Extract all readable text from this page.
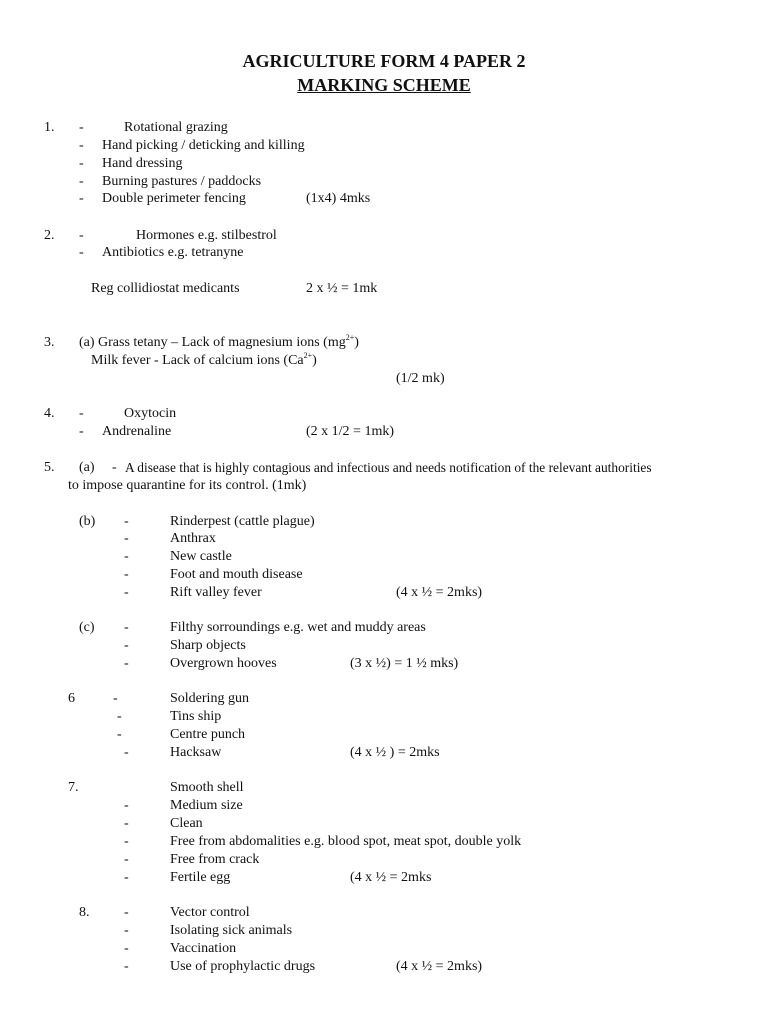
AGRICULTURE FORM 4 PAPER 2
MARKING SCHEME
1. -	Rotational grazing
- Hand picking / deticking and killing
- Hand dressing
- Burning pastures / paddocks
- Double perimeter fencing	(1x4) 4mks
2. -	Hormones e.g. stilbestrol
- Antibiotics e.g. tetranyne
Reg collidiostat medicants	2 x ½ = 1mk
3. (a) Grass tetany – Lack of magnesium ions $(mg^{2+})$
Milk fever - Lack of calcium ions $(Ca^{2+})$
(1/2 mk)
4. -	Oxytocin
- Andrenaline	(2 x 1/2 = 1mk)
5. (a) - A disease that is highly contagious and infectious and needs notification of the relevant authorities
to impose quarantine for its control. (1mk)
(b) -	Rinderpest (cattle plague)
-	Anthrax
-	New castle
-	Foot and mouth disease
-	Rift valley fever	(4 x ½ = 2mks)
(c) -	Filthy sorroundings e.g. wet and muddy areas
-	Sharp objects
-	Overgrown hooves	(3 x ½) = 1 ½ mks)
6	-	Soldering gun
-	Tins ship
-	Centre punch
-	Hacksaw	(4 x ½ ) = 2mks
7.	Smooth shell
-	Medium size
-	Clean
-	Free from abdomalities e.g. blood spot, meat spot, double yolk
-	Free from crack
-	Fertile egg	(4 x ½ = 2mks
8. -	Vector control
-	Isolating sick animals
-	Vaccination
-	Use of prophylactic drugs	(4 x ½ = 2mks)
